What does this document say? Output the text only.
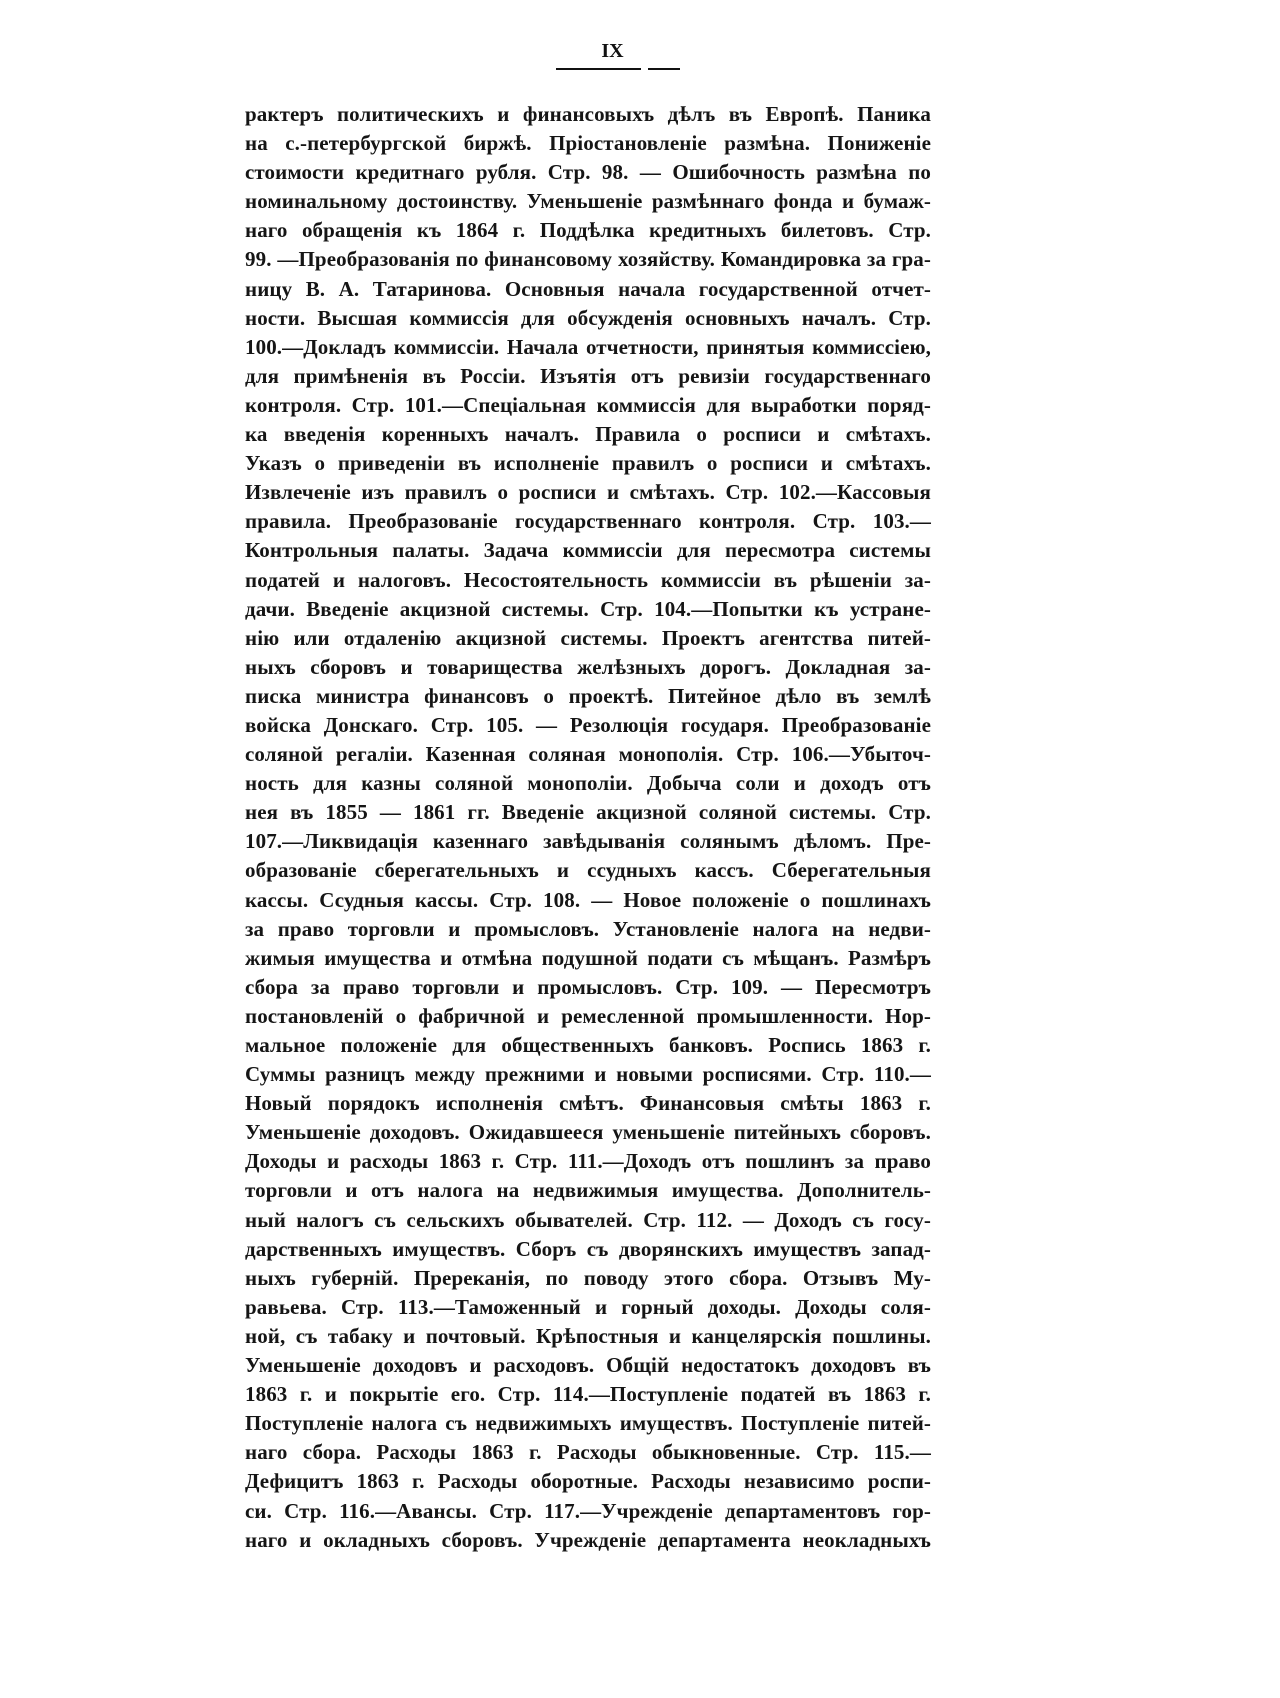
IX
рактеръ политическихъ и финансовыхъ дѣлъ въ Европѣ. Паника
на с.-петербургской биржѣ. Пріостановленіе размѣна. Пониженіе
стоимости кредитнаго рубля. Стр. 98. — Ошибочность размѣна по
номинальному достоинству. Уменьшеніе размѣннаго фонда и бумаж-
наго обращенія къ 1864 г. Поддѣлка кредитныхъ билетовъ. Стр.
99. —Преобразованія по финансовому хозяйству. Командировка за гра-
ницу В. А. Татаринова. Основныя начала государственной отчет-
ности. Высшая коммиссія для обсужденія основныхъ началъ. Стр.
100.—Докладъ коммиссіи. Начала отчетности, принятыя коммиссіею,
для примѣненія въ Россіи. Изъятія отъ ревизіи государственнаго
контроля. Стр. 101.—Спеціальная коммиссія для выработки поряд-
ка введенія коренныхъ началъ. Правила о росписи и смѣтахъ.
Указъ о приведеніи въ исполненіе правилъ о росписи и смѣтахъ.
Извлеченіе изъ правилъ о росписи и смѣтахъ. Стр. 102.—Кассовыя
правила. Преобразованіе государственнаго контроля. Стр. 103.—
Контрольныя палаты. Задача коммиссіи для пересмотра системы
податей и налоговъ. Несостоятельность коммиссіи въ рѣшеніи за-
дачи. Введеніе акцизной системы. Стр. 104.—Попытки къ устране-
нію или отдаленію акцизной системы. Проектъ агентства питей-
ныхъ сборовъ и товарищества желѣзныхъ дорогъ. Докладная за-
писка министра финансовъ о проектѣ. Питейное дѣло въ землѣ
войска Донскаго. Стр. 105. — Резолюція государя. Преобразованіе
соляной регаліи. Казенная соляная монополія. Стр. 106.—Убыточ-
ность для казны соляной монополіи. Добыча соли и доходъ отъ
нея въ 1855 — 1861 гг. Введеніе акцизной соляной системы. Стр.
107.—Ликвидація казеннаго завѣдыванія солянымъ дѣломъ. Пре-
образованіе сберегательныхъ и ссудныхъ кассъ. Сберегательныя
кассы. Ссудныя кассы. Стр. 108. — Новое положеніе о пошлинахъ
за право торговли и промысловъ. Установленіе налога на недви-
жимыя имущества и отмѣна подушной подати съ мѣщанъ. Размѣръ
сбора за право торговли и промысловъ. Стр. 109. — Пересмотръ
постановленій о фабричной и ремесленной промышленности. Нор-
мальное положеніе для общественныхъ банковъ. Роспись 1863 г.
Суммы разницъ между прежними и новыми росписями. Стр. 110.—
Новый порядокъ исполненія смѣтъ. Финансовыя смѣты 1863 г.
Уменьшеніе доходовъ. Ожидавшееся уменьшеніе питейныхъ сборовъ.
Доходы и расходы 1863 г. Стр. 111.—Доходъ отъ пошлинъ за право
торговли и отъ налога на недвижимыя имущества. Дополнитель-
ный налогъ съ сельскихъ обывателей. Стр. 112. — Доходъ съ госу-
дарственныхъ имуществъ. Сборъ съ дворянскихъ имуществъ запад-
ныхъ губерній. Пререканія, по поводу этого сбора. Отзывъ Му-
равьева. Стр. 113.—Таможенный и горный доходы. Доходы соля-
ной, съ табаку и почтовый. Крѣпостныя и канцелярскія пошлины.
Уменьшеніе доходовъ и расходовъ. Общій недостатокъ доходовъ въ
1863 г. и покрытіе его. Стр. 114.—Поступленіе податей въ 1863 г.
Поступленіе налога съ недвижимыхъ имуществъ. Поступленіе питей-
наго сбора. Расходы 1863 г. Расходы обыкновенные. Стр. 115.—
Дефицитъ 1863 г. Расходы оборотные. Расходы независимо роспи-
си. Стр. 116.—Авансы. Стр. 117.—Учрежденіе департаментовъ гор-
наго и окладныхъ сборовъ. Учрежденіе департамента неокладныхъ
